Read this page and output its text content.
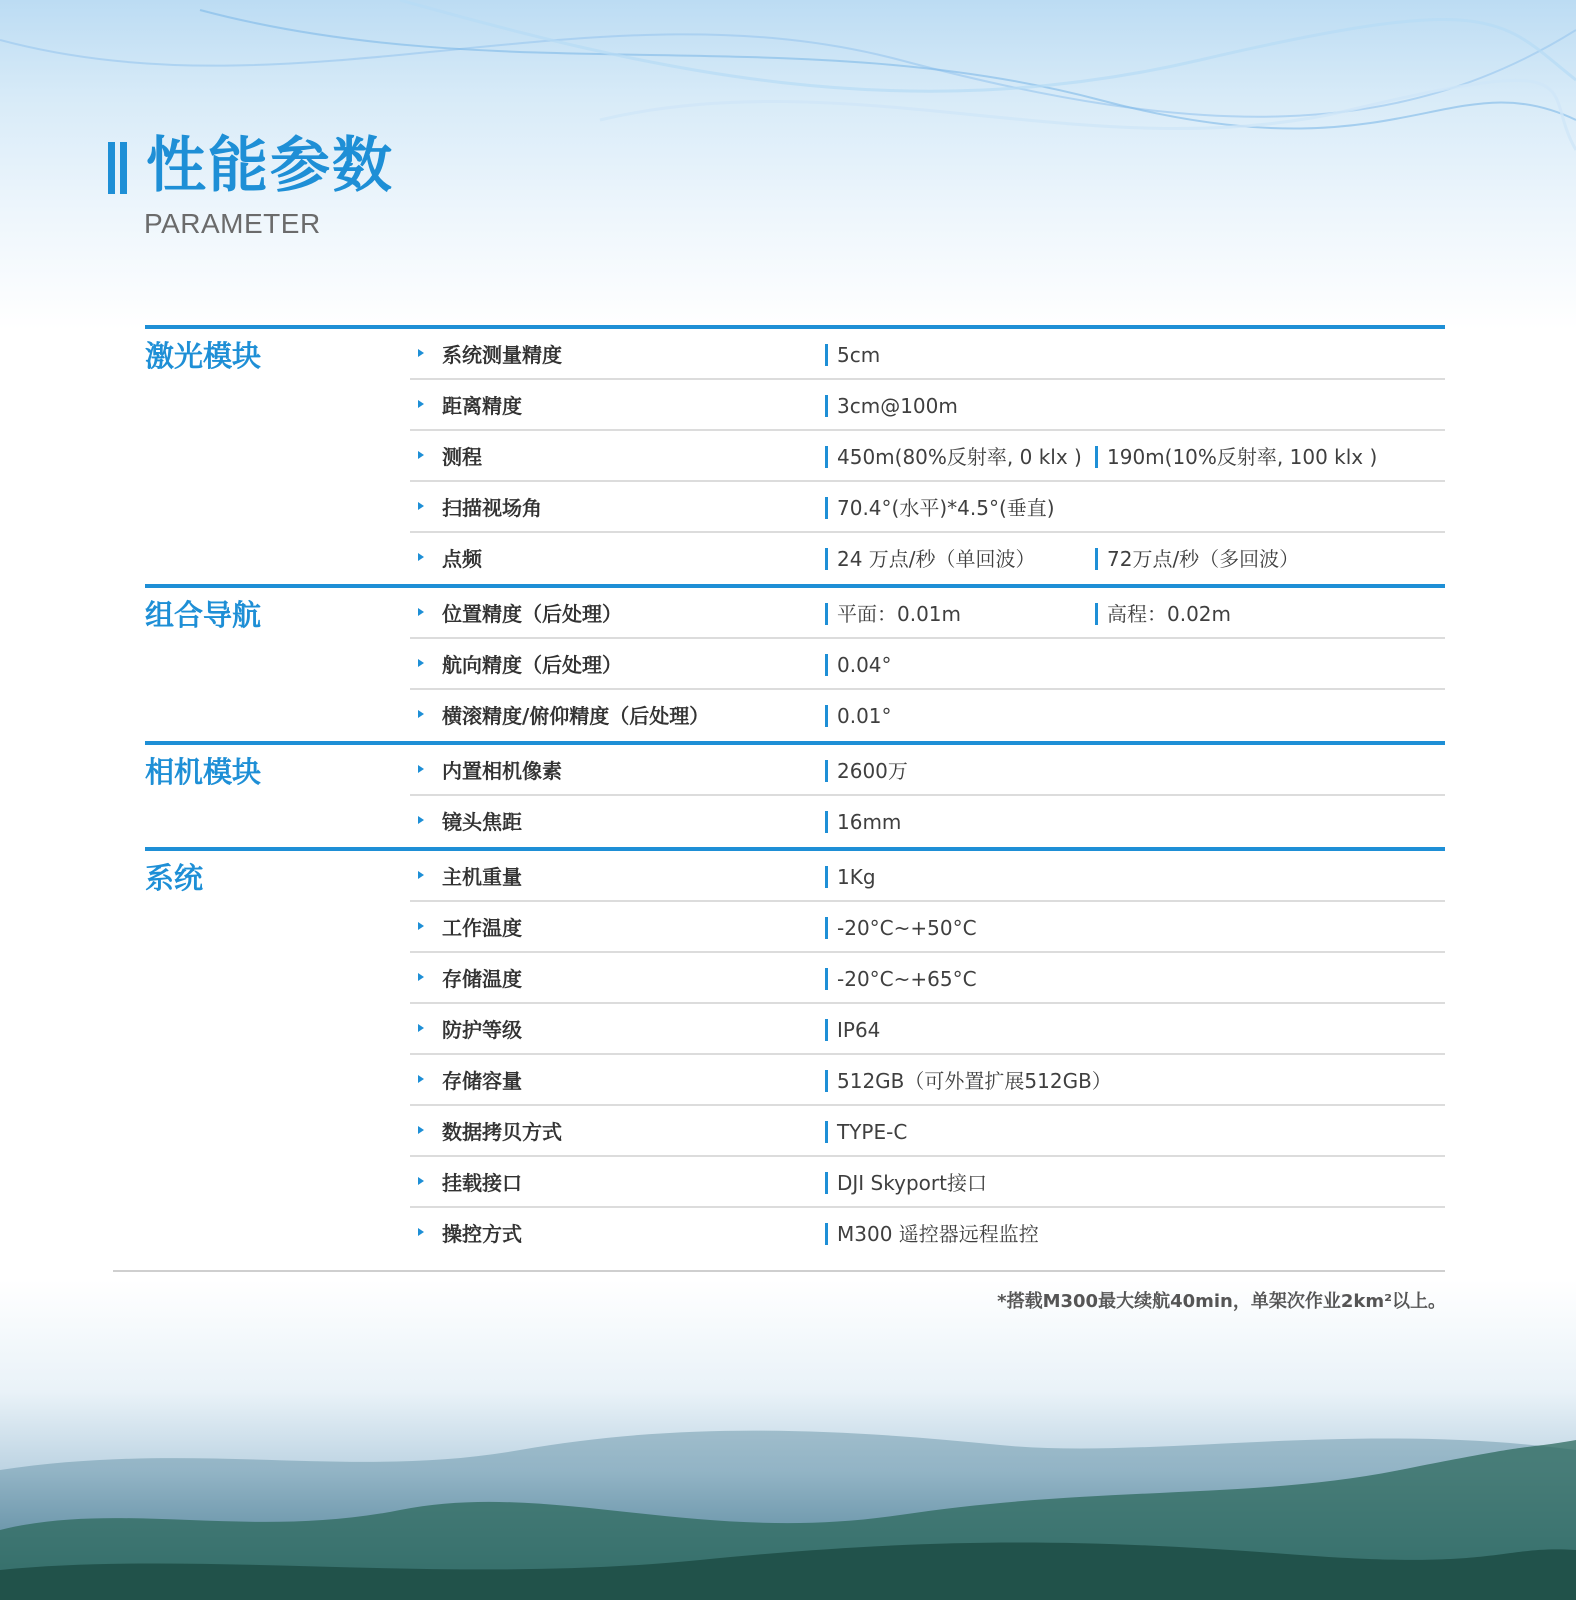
性能参数
PARAMETER
激光模块	系统测量精度	5cm
距离精度	3cm@100m
测程	450m(80%反射率, 0 klx )	190m(10%反射率, 100 klx )
扫描视场角	70.4°(水平)*4.5°(垂直)
点频	24 万点/秒（单回波）	72万点/秒（多回波）
组合导航	位置精度（后处理）	平面：0.01m	高程：0.02m
航向精度（后处理）	0.04°
横滚精度/俯仰精度（后处理）	0.01°
相机模块	内置相机像素	2600万
镜头焦距	16mm
系统	主机重量	1Kg
工作温度	-20°C~+50°C
存储温度	-20°C~+65°C
防护等级	IP64
存储容量	512GB（可外置扩展512GB）
数据拷贝方式	TYPE-C
挂载接口	DJI Skyport接口
操控方式	M300 遥控器远程监控
*搭载M300最大续航40min，单架次作业2km²以上。
